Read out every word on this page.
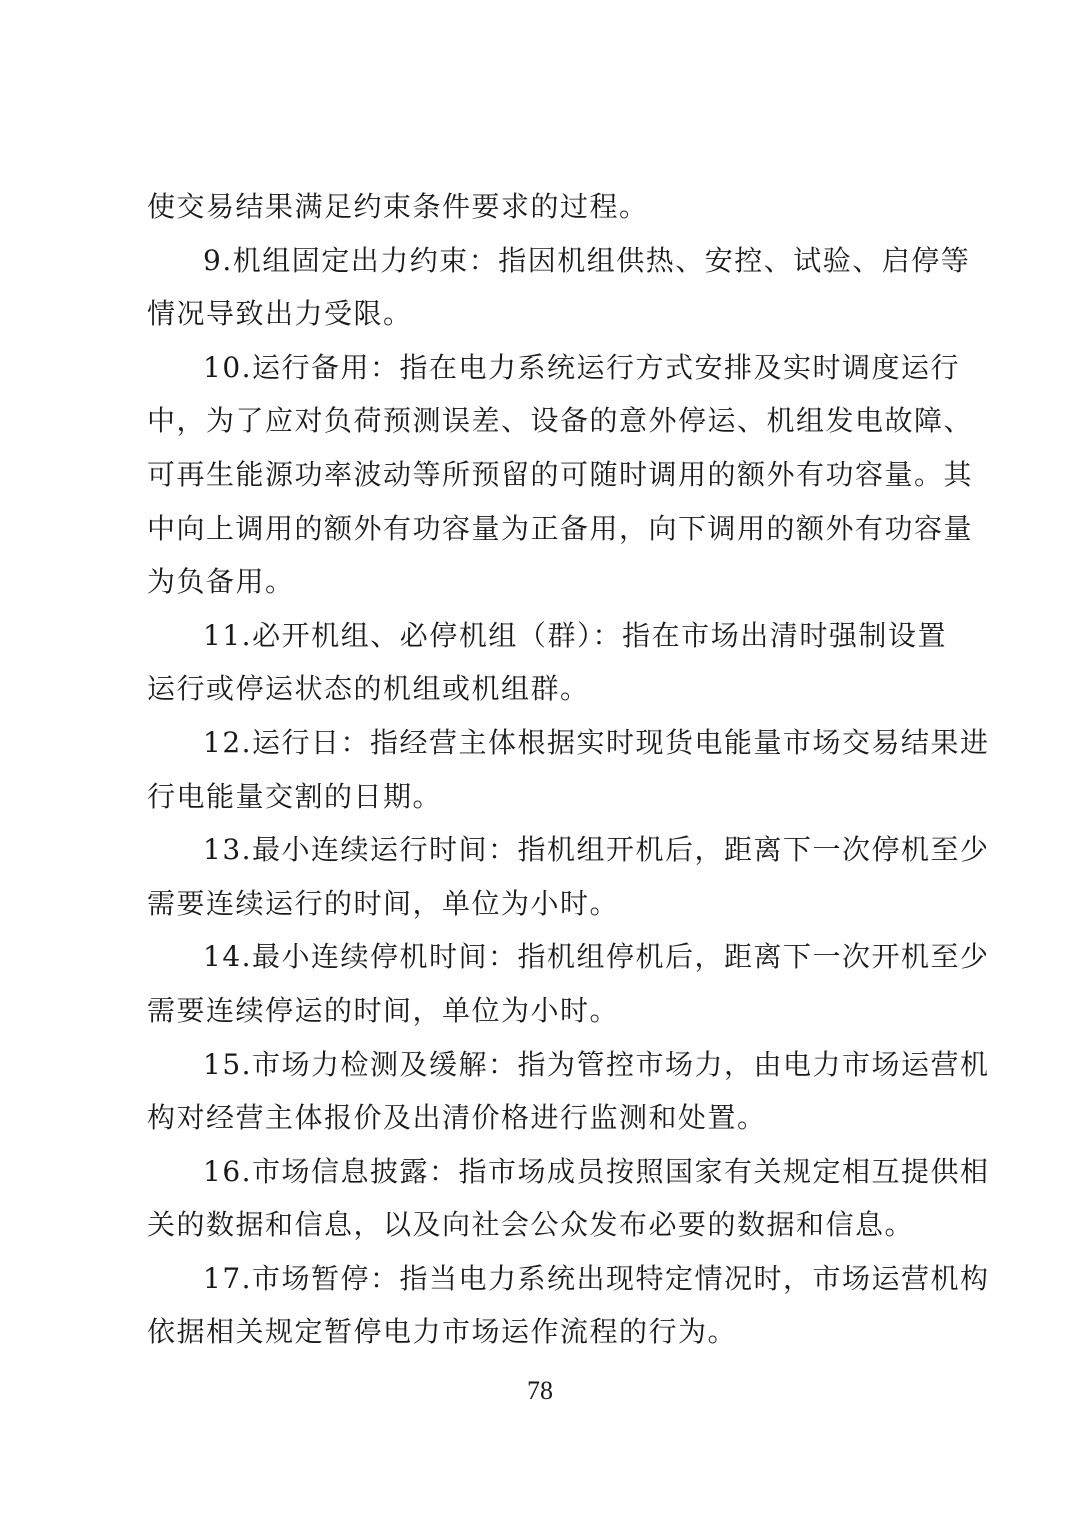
使交易结果满足约束条件要求的过程。
9.机组固定出力约束：指因机组供热、安控、试验、启停等
情况导致出力受限。
10.运行备用：指在电力系统运行方式安排及实时调度运行
中，为了应对负荷预测误差、设备的意外停运、机组发电故障、
可再生能源功率波动等所预留的可随时调用的额外有功容量。其
中向上调用的额外有功容量为正备用，向下调用的额外有功容量
为负备用。
11.必开机组、必停机组（群）：指在市场出清时强制设置
运行或停运状态的机组或机组群。
12.运行日：指经营主体根据实时现货电能量市场交易结果进
行电能量交割的日期。
13.最小连续运行时间：指机组开机后，距离下一次停机至少
需要连续运行的时间，单位为小时。
14.最小连续停机时间：指机组停机后，距离下一次开机至少
需要连续停运的时间，单位为小时。
15.市场力检测及缓解：指为管控市场力，由电力市场运营机
构对经营主体报价及出清价格进行监测和处置。
16.市场信息披露：指市场成员按照国家有关规定相互提供相
关的数据和信息，以及向社会公众发布必要的数据和信息。
17.市场暂停：指当电力系统出现特定情况时，市场运营机构
依据相关规定暂停电力市场运作流程的行为。
78
